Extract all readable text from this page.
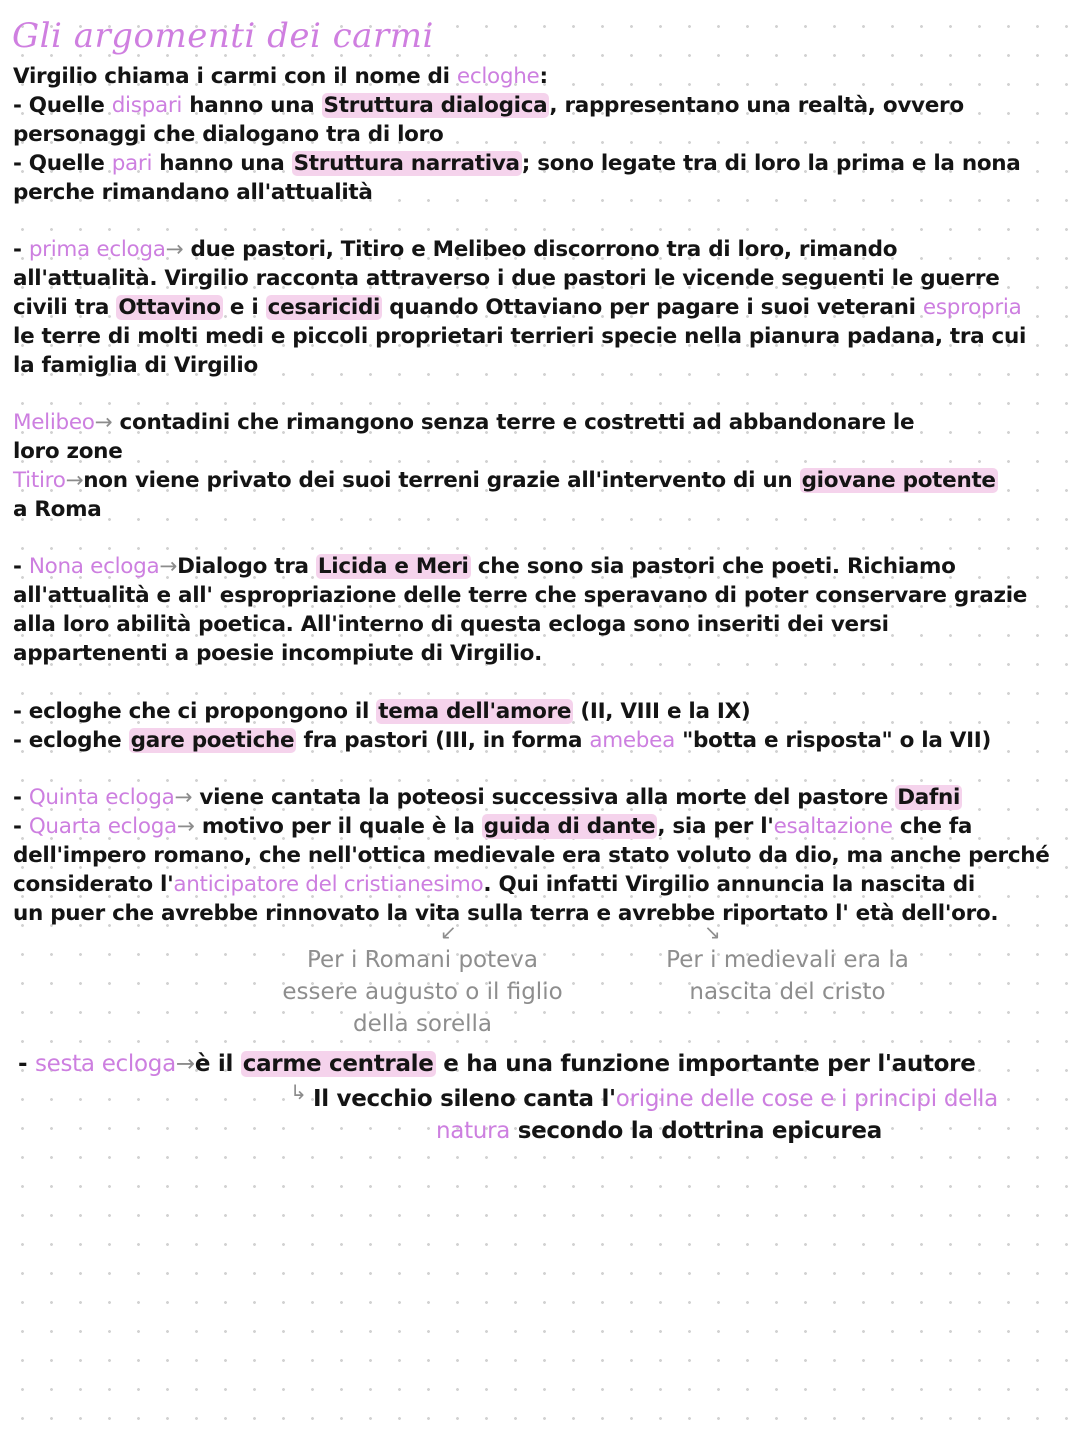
Gli argomenti dei carmi
Virgilio chiama i carmi con il nome di ecloghe:
- Quelle dispari hanno una Struttura dialogica, rappresentano una realtà, ovvero
personaggi che dialogano tra di loro
- Quelle pari hanno una Struttura narrativa; sono legate tra di loro la prima e la nona
perche rimandano all'attualità
- prima ecloga→ due pastori, Titiro e Melibeo discorrono tra di loro, rimando
all'attualità. Virgilio racconta attraverso i due pastori le vicende seguenti le guerre
civili tra Ottavino e i cesaricidi quando Ottaviano per pagare i suoi veterani espropria
le terre di molti medi e piccoli proprietari terrieri specie nella pianura padana, tra cui
la famiglia di Virgilio
Melibeo→ contadini che rimangono senza terre e costretti ad abbandonare le
loro zone
Titiro→non viene privato dei suoi terreni grazie all'intervento di un giovane potente
a Roma
- Nona ecloga→Dialogo tra Licida e Meri che sono sia pastori che poeti. Richiamo
all'attualità e all' espropriazione delle terre che speravano di poter conservare grazie
alla loro abilità poetica. All'interno di questa ecloga sono inseriti dei versi
appartenenti a poesie incompiute di Virgilio.
- ecloghe che ci propongono il tema dell'amore (II, VIII e la IX)
- ecloghe gare poetiche fra pastori (III, in forma amebea "botta e risposta" o la VII)
- Quinta ecloga→ viene cantata la poteosi successiva alla morte del pastore Dafni
- Quarta ecloga→ motivo per il quale è la guida di dante, sia per l'esaltazione che fa
dell'impero romano, che nell'ottica medievale era stato voluto da dio, ma anche perché
considerato l'anticipatore del cristianesimo. Qui infatti Virgilio annuncia la nascita di
un puer che avrebbe rinnovato la vita sulla terra e avrebbe riportato l' età dell'oro.
↙	↘
Per i Romani poteva
essere augusto o il figlio
della sorella
Per i medievali era la
nascita del cristo
- sesta ecloga→è il carme centrale e ha una funzione importante per l'autore
↳ Il vecchio sileno canta l'origine delle cose e i principi della
natura secondo la dottrina epicurea
